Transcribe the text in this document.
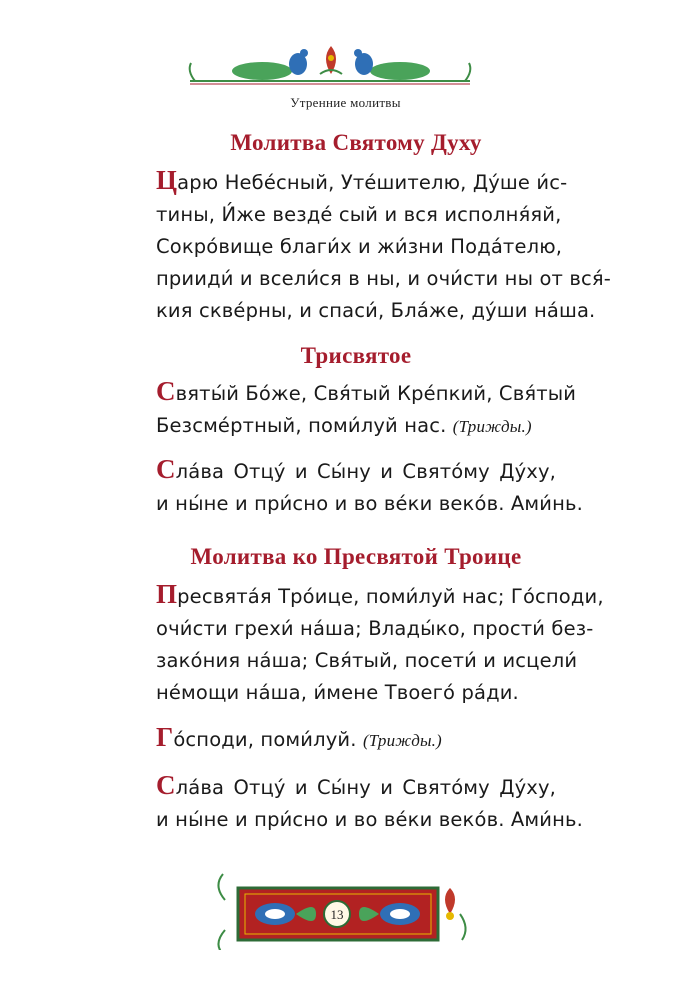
Утренние молитвы
Молитва Святому Духу
Царю Небе́сный, Уте́шителю, Ду́ше и́с-
тины, И́же везде́ сый и вся исполня́яй,
Сокро́вище благи́х и жи́зни Пода́телю,
прииди́ и всели́ся в ны, и очи́сти ны от вся́-
кия скве́рны, и спаси́, Бла́же, ду́ши на́ша.
Трисвятое
Святы́й Бо́же, Свя́тый Кре́пкий, Свя́тый
Безсме́ртный, поми́луй нас. (Трижды.)
Сла́ва Отцу́ и Сы́ну и Свято́му Ду́ху,
и ны́не и при́сно и во ве́ки веко́в. Ами́нь.
Молитва ко Пресвятой Троице
Пресвята́я Тро́ице, поми́луй нас; Го́споди,
очи́сти грехи́ на́ша; Влады́ко, прости́ без-
зако́ния на́ша; Свя́тый, посети́ и исцели́
не́мощи на́ша, и́мене Твоего́ ра́ди.
Го́споди, поми́луй. (Трижды.)
Сла́ва Отцу́ и Сы́ну и Свято́му Ду́ху,
и ны́не и при́сно и во ве́ки веко́в. Ами́нь.
13
